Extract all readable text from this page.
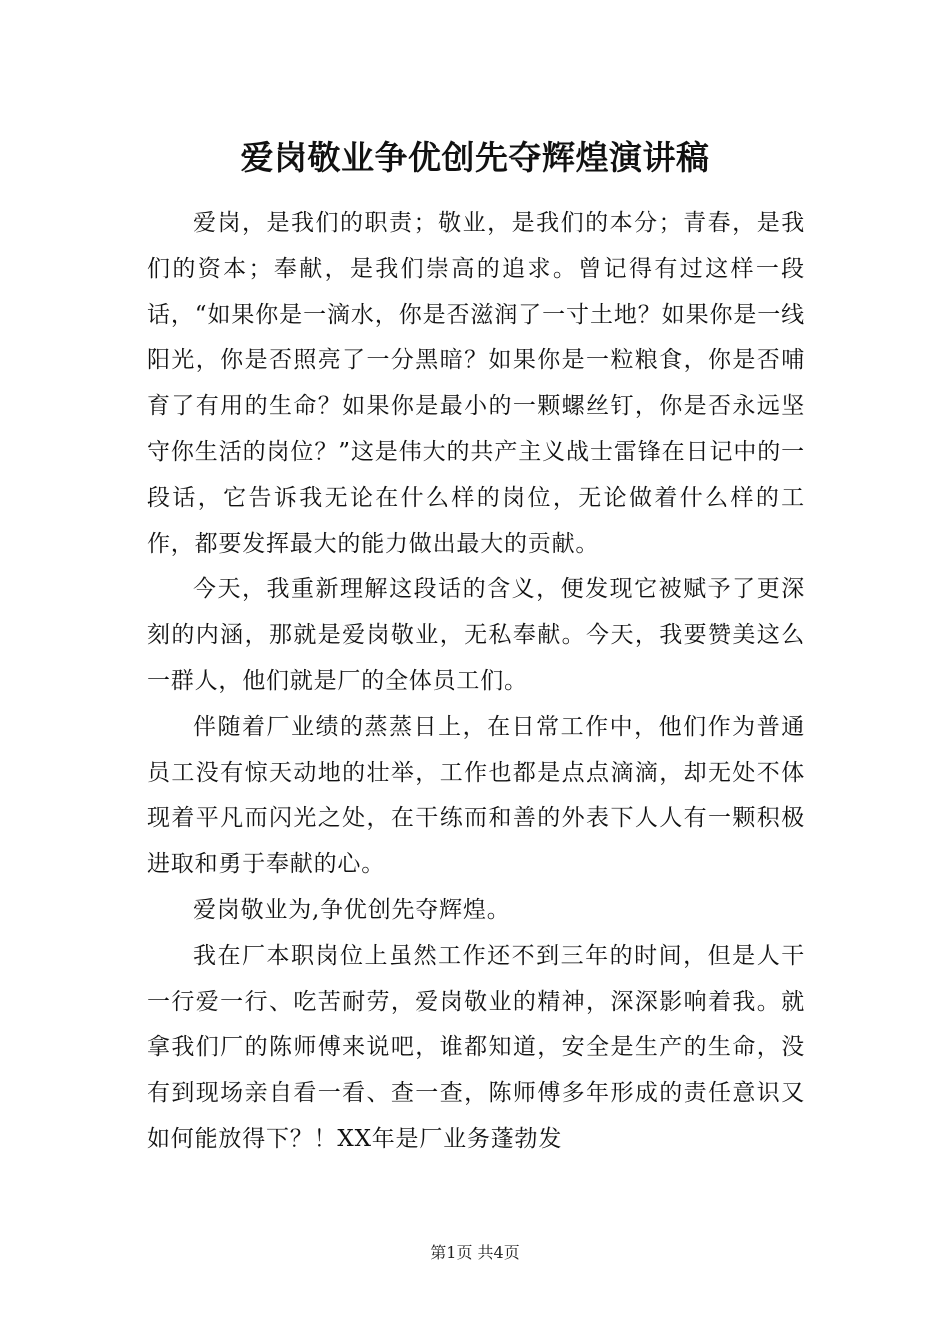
爱岗敬业争优创先夺辉煌演讲稿

爱岗，是我们的职责；敬业，是我们的本分；青春，是我们的资本；奉献，是我们崇高的追求。曾记得有过这样一段话，“如果你是一滴水，你是否滋润了一寸土地？如果你是一线阳光，你是否照亮了一分黑暗？如果你是一粒粮食，你是否哺育了有用的生命？如果你是最小的一颗螺丝钉，你是否永远坚守你生活的岗位？”这是伟大的共产主义战士雷锋在日记中的一段话，它告诉我无论在什么样的岗位，无论做着什么样的工作，都要发挥最大的能力做出最大的贡献。

今天，我重新理解这段话的含义，便发现它被赋予了更深刻的内涵，那就是爱岗敬业，无私奉献。今天，我要赞美这么一群人，他们就是厂的全体员工们。

伴随着厂业绩的蒸蒸日上，在日常工作中，他们作为普通员工没有惊天动地的壮举，工作也都是点点滴滴，却无处不体现着平凡而闪光之处，在干练而和善的外表下人人有一颗积极进取和勇于奉献的心。

爱岗敬业为,争优创先夺辉煌。

我在厂本职岗位上虽然工作还不到三年的时间，但是人干一行爱一行、吃苦耐劳，爱岗敬业的精神，深深影响着我。就拿我们厂的陈师傅来说吧，谁都知道，安全是生产的生命，没有到现场亲自看一看、查一查，陈师傅多年形成的责任意识又如何能放得下？！XX年是厂业务蓬勃发

第1页 共4页
